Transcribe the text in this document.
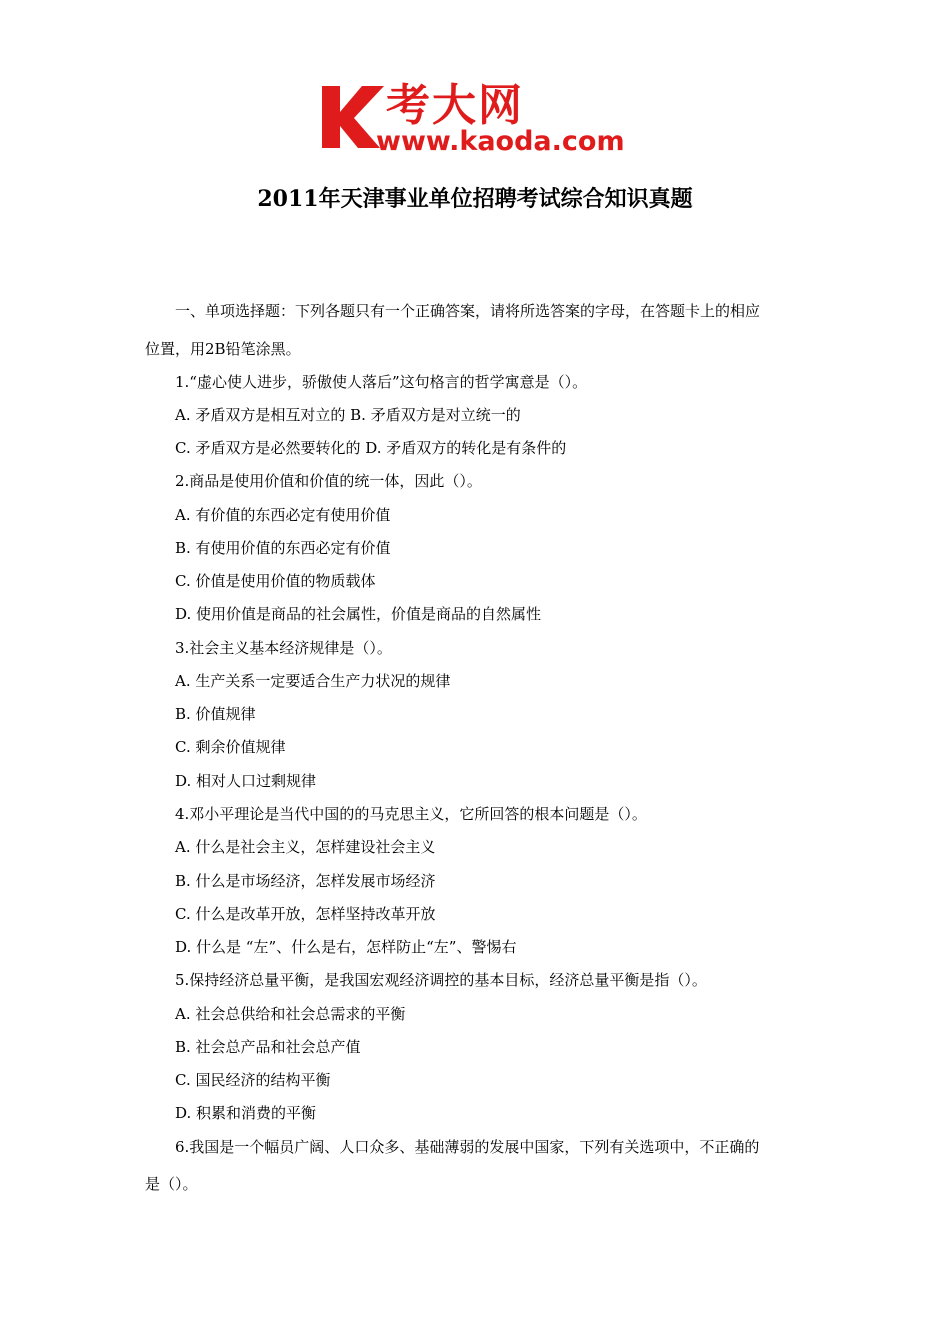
考大网
www.kaoda.com
2011年天津事业单位招聘考试综合知识真题
一、单项选择题：下列各题只有一个正确答案，请将所选答案的字母，在答题卡上的相应
位置，用2B铅笔涂黑。
1.“虚心使人进步，骄傲使人落后”这句格言的哲学寓意是（）。
A. 矛盾双方是相互对立的 B. 矛盾双方是对立统一的
C. 矛盾双方是必然要转化的 D. 矛盾双方的转化是有条件的
2.商品是使用价值和价值的统一体，因此（）。
A. 有价值的东西必定有使用价值
B. 有使用价值的东西必定有价值
C. 价值是使用价值的物质载体
D. 使用价值是商品的社会属性，价值是商品的自然属性
3.社会主义基本经济规律是（）。
A. 生产关系一定要适合生产力状况的规律
B. 价值规律
C. 剩余价值规律
D. 相对人口过剩规律
4.邓小平理论是当代中国的的马克思主义，它所回答的根本问题是（）。
A. 什么是社会主义，怎样建设社会主义
B. 什么是市场经济，怎样发展市场经济
C. 什么是改革开放，怎样坚持改革开放
D. 什么是 “左”、什么是右，怎样防止“左”、警惕右
5.保持经济总量平衡，是我国宏观经济调控的基本目标，经济总量平衡是指（）。
A. 社会总供给和社会总需求的平衡
B. 社会总产品和社会总产值
C. 国民经济的结构平衡
D. 积累和消费的平衡
6.我国是一个幅员广阔、人口众多、基础薄弱的发展中国家，下列有关选项中，不正确的
是（）。
